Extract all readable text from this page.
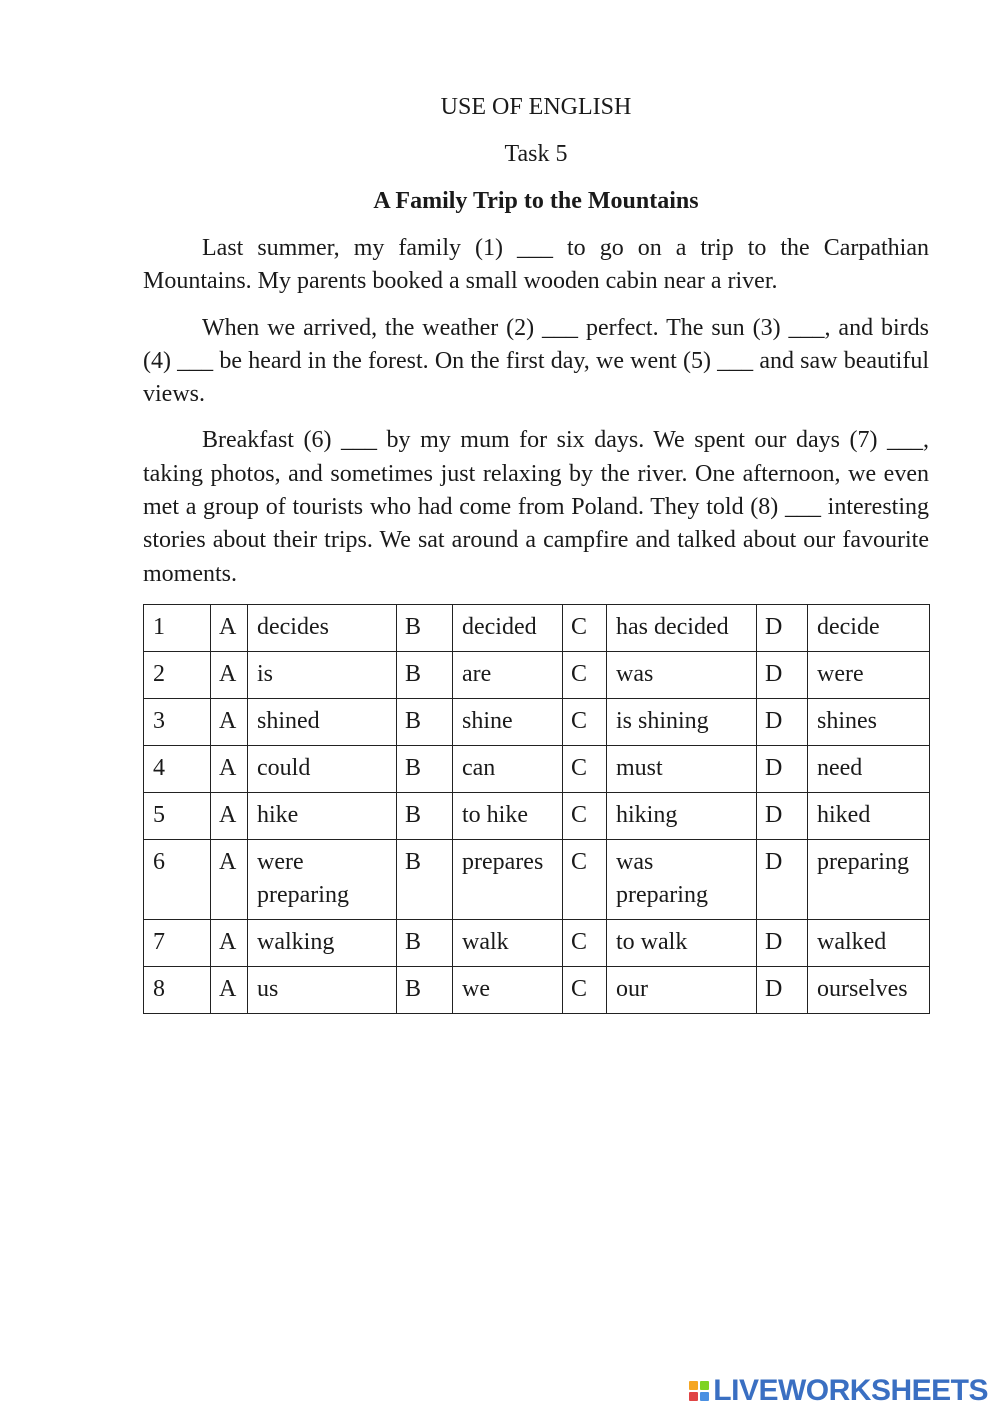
USE OF ENGLISH

Task 5

A Family Trip to the Mountains

Last summer, my family (1) ___ to go on a trip to the Carpathian Mountains. My parents booked a small wooden cabin near a river.

When we arrived, the weather (2) ___ perfect. The sun (3) ___, and birds (4) ___ be heard in the forest. On the first day, we went (5) ___ and saw beautiful views.

Breakfast (6) ___ by my mum for six days. We spent our days (7) ___, taking photos, and sometimes just relaxing by the river. One afternoon, we even met a group of tourists who had come from Poland. They told (8) ___ interesting stories about their trips. We sat around a campfire and talked about our favourite moments.

1	A	decides	B	decided	C	has decided	D	decide
2	A	is	B	are	C	was	D	were
3	A	shined	B	shine	C	is shining	D	shines
4	A	could	B	can	C	must	D	need
5	A	hike	B	to hike	C	hiking	D	hiked
6	A	were preparing	B	prepares	C	was preparing	D	preparing
7	A	walking	B	walk	C	to walk	D	walked
8	A	us	B	we	C	our	D	ourselves
LIVEWORKSHEETS
